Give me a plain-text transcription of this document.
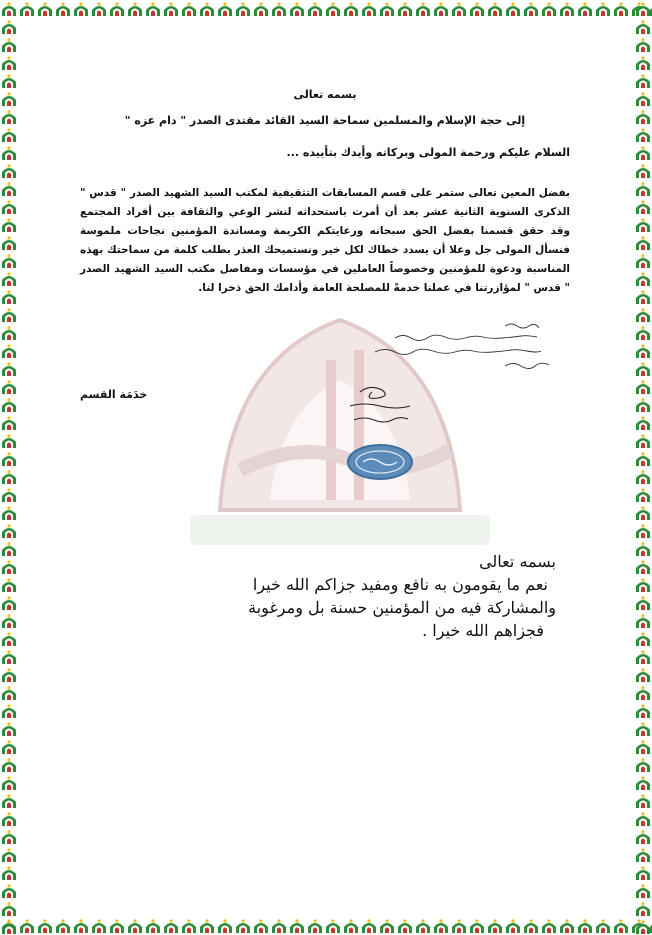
بسمه تعالى
إلى حجة الإسلام والمسلمين سماحة السيد القائد مقتدى الصدر " دام عزه "
السلام عليكم ورحمة المولى وبركاته وأيدك بتأييده ...
بفضل المعين تعالى ستمر على قسم المسابقات التثقيفية لمكتب السيد الشهيد الصدر " قدس " الذكرى السنوية الثانية عشر بعد أن أمرت باستحداثه لنشر الوعي والثقافة بين أفراد المجتمع وقد حقق قسمنا بفضل الحق سبحانه ورعايتكم الكريمة ومساندة المؤمنين نجاحات ملموسة فنسأل المولى جل وعلا أن يسدد خطاك لكل خير ونستميحك العذر بطلب كلمة من سماحتك بهذه المناسبة ودعوة للمؤمنين وخصوصاً العاملين في مؤسسات ومفاصل مكتب السيد الشهيد الصدر " قدس " لمؤازرتنا في عملنا خدمةً للمصلحة العامة وأدامك الحق ذخرا لنا.
خدَمَة القسم
بسمه تعالى
نعم ما يقومون به نافع ومفيد جزاكم الله خيرا
والمشاركة فيه من المؤمنين حسنة بل ومرغوبة
فجزاهم الله خيرا .
